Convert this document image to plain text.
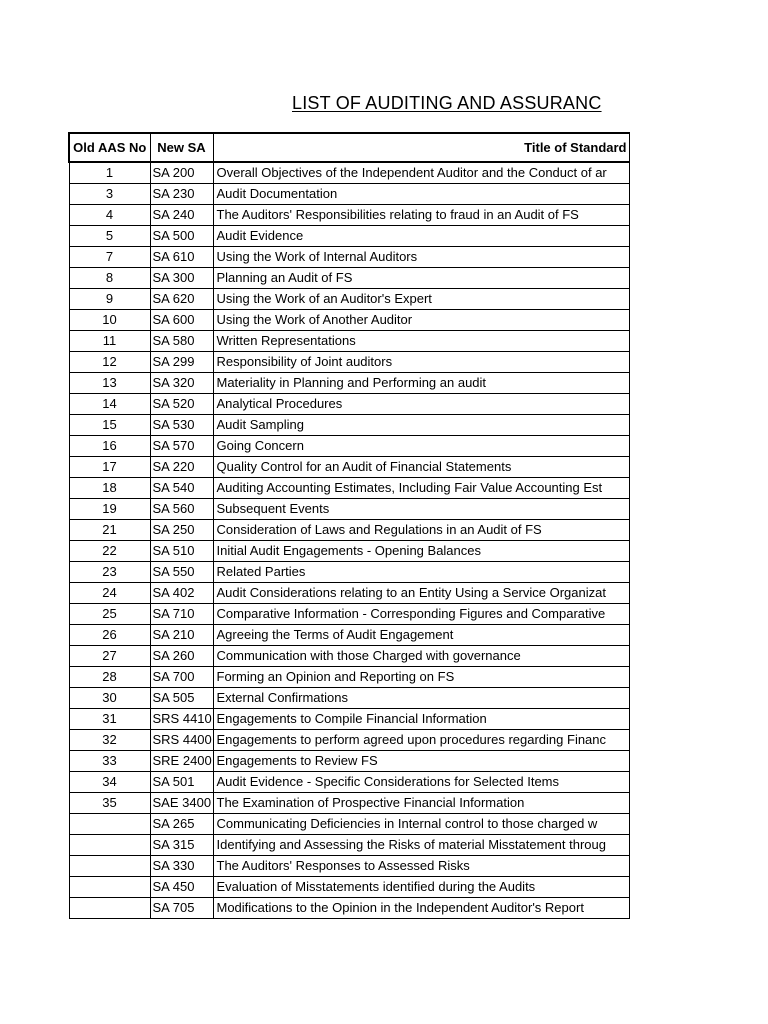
LIST OF AUDITING AND ASSURANC
Old AAS No	New SA	Title of Standard
1	SA 200	Overall Objectives of the Independent Auditor and the Conduct of ar
3	SA 230	Audit Documentation
4	SA 240	The Auditors' Responsibilities relating to fraud in an Audit of FS
5	SA 500	Audit Evidence
7	SA 610	Using the Work of Internal Auditors
8	SA 300	Planning an Audit of FS
9	SA 620	Using the Work of an Auditor's Expert
10	SA 600	Using the Work of Another Auditor
11	SA 580	Written Representations
12	SA 299	Responsibility of Joint auditors
13	SA 320	Materiality in Planning and Performing an audit
14	SA 520	Analytical Procedures
15	SA 530	Audit Sampling
16	SA 570	Going Concern
17	SA 220	Quality Control for an Audit of Financial Statements
18	SA 540	Auditing Accounting Estimates, Including Fair Value Accounting Est
19	SA 560	Subsequent Events
21	SA 250	Consideration of Laws and Regulations in an Audit of FS
22	SA 510	Initial Audit Engagements - Opening Balances
23	SA 550	Related Parties
24	SA 402	Audit Considerations relating to an Entity Using a Service Organizat
25	SA 710	Comparative Information - Corresponding Figures and Comparative
26	SA 210	Agreeing the Terms of Audit Engagement
27	SA 260	Communication with those Charged with governance
28	SA 700	Forming an Opinion and Reporting on FS
30	SA 505	External Confirmations
31	SRS 4410	Engagements to Compile Financial Information
32	SRS 4400	Engagements to perform agreed upon procedures regarding Financ
33	SRE 2400	Engagements to Review FS
34	SA 501	Audit Evidence - Specific Considerations for Selected Items
35	SAE 3400	The Examination of Prospective Financial Information
	SA 265	Communicating Deficiencies in Internal control to those charged w
	SA 315	Identifying and Assessing the Risks of material Misstatement throug
	SA 330	The Auditors' Responses to Assessed Risks
	SA 450	Evaluation of Misstatements identified during the Audits
	SA 705	Modifications to the Opinion in the Independent Auditor's Report
